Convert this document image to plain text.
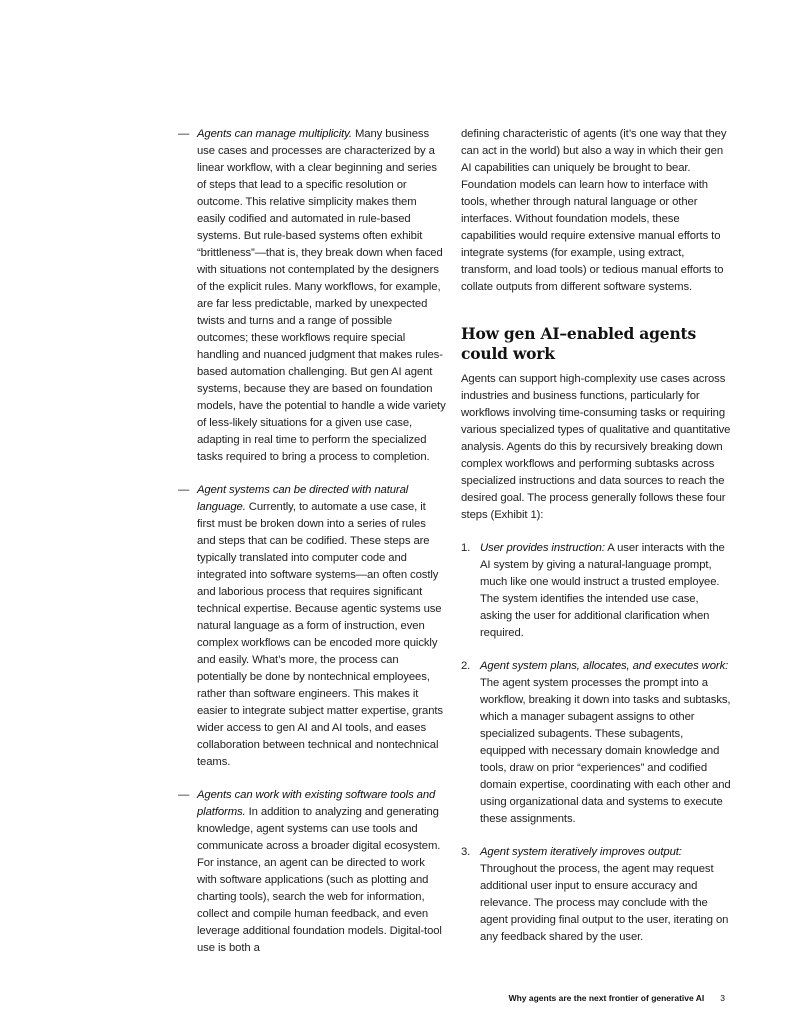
— Agents can manage multiplicity. Many business use cases and processes are characterized by a linear workflow, with a clear beginning and series of steps that lead to a specific resolution or outcome. This relative simplicity makes them easily codified and automated in rule-based systems. But rule-based systems often exhibit “brittleness”—that is, they break down when faced with situations not contemplated by the designers of the explicit rules. Many workflows, for example, are far less predictable, marked by unexpected twists and turns and a range of possible outcomes; these workflows require special handling and nuanced judgment that makes rules-based automation challenging. But gen AI agent systems, because they are based on foundation models, have the potential to handle a wide variety of less-likely situations for a given use case, adapting in real time to perform the specialized tasks required to bring a process to completion.
— Agent systems can be directed with natural language. Currently, to automate a use case, it first must be broken down into a series of rules and steps that can be codified. These steps are typically translated into computer code and integrated into software systems—an often costly and laborious process that requires significant technical expertise. Because agentic systems use natural language as a form of instruction, even complex workflows can be encoded more quickly and easily. What’s more, the process can potentially be done by nontechnical employees, rather than software engineers. This makes it easier to integrate subject matter expertise, grants wider access to gen AI and AI tools, and eases collaboration between technical and nontechnical teams.
— Agents can work with existing software tools and platforms. In addition to analyzing and generating knowledge, agent systems can use tools and communicate across a broader digital ecosystem. For instance, an agent can be directed to work with software applications (such as plotting and charting tools), search the web for information, collect and compile human feedback, and even leverage additional foundation models. Digital-tool use is both a

defining characteristic of agents (it’s one way that they can act in the world) but also a way in which their gen AI capabilities can uniquely be brought to bear. Foundation models can learn how to interface with tools, whether through natural language or other interfaces. Without foundation models, these capabilities would require extensive manual efforts to integrate systems (for example, using extract, transform, and load tools) or tedious manual efforts to collate outputs from different software systems.

How gen AI–enabled agents could work

Agents can support high-complexity use cases across industries and business functions, particularly for workflows involving time-consuming tasks or requiring various specialized types of qualitative and quantitative analysis. Agents do this by recursively breaking down complex workflows and performing subtasks across specialized instructions and data sources to reach the desired goal. The process generally follows these four steps (Exhibit 1):

1. User provides instruction: A user interacts with the AI system by giving a natural-language prompt, much like one would instruct a trusted employee. The system identifies the intended use case, asking the user for additional clarification when required.
2. Agent system plans, allocates, and executes work: The agent system processes the prompt into a workflow, breaking it down into tasks and subtasks, which a manager subagent assigns to other specialized subagents. These subagents, equipped with necessary domain knowledge and tools, draw on prior “experiences” and codified domain expertise, coordinating with each other and using organizational data and systems to execute these assignments.
3. Agent system iteratively improves output: Throughout the process, the agent may request additional user input to ensure accuracy and relevance. The process may conclude with the agent providing final output to the user, iterating on any feedback shared by the user.
Why agents are the next frontier of generative AI 3
